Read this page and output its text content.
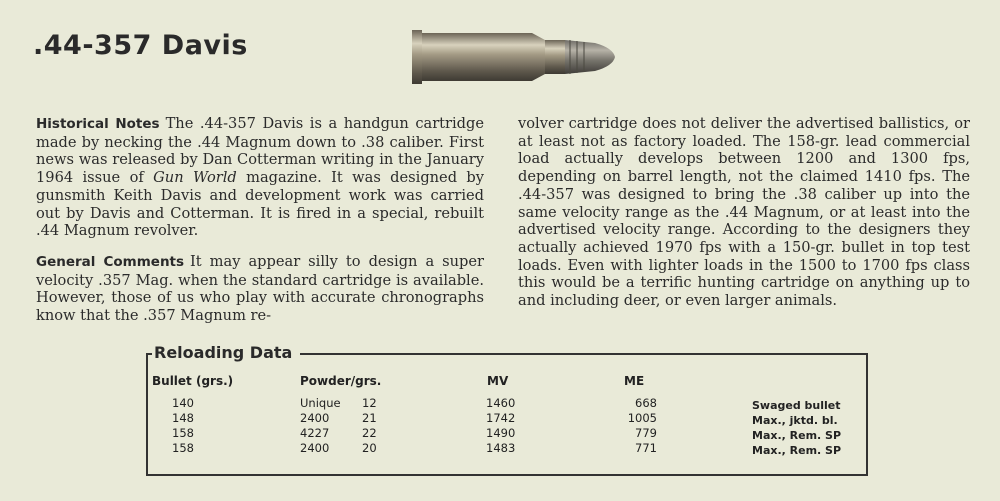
.44-357 Davis

Historical Notes The .44-357 Davis is a handgun cartridge made by necking the .44 Magnum down to .38 caliber. First news was released by Dan Cotterman writing in the January 1964 issue of Gun World magazine. It was designed by gunsmith Keith Davis and development work was carried out by Davis and Cotterman. It is fired in a special, rebuilt .44 Magnum revolver.

General Comments It may appear silly to design a super velocity .357 Mag. when the standard cartridge is available. However, those of us who play with accurate chronographs know that the .357 Magnum re-

volver cartridge does not deliver the advertised ballistics, or at least not as factory loaded. The 158-gr. lead commercial load actually develops between 1200 and 1300 fps, depending on barrel length, not the claimed 1410 fps. The .44-357 was designed to bring the .38 caliber up into the same velocity range as the .44 Magnum, or at least into the advertised velocity range. According to the designers they actually achieved 1970 fps with a 150-gr. bullet in top test loads. Even with lighter loads in the 1500 to 1700 fps class this would be a terrific hunting cartridge on anything up to and including deer, or even larger animals.

Reloading Data
Bullet (grs.)	Powder/grs.	MV	ME
140	Unique 12	1460	668	Swaged bullet
148	2400	21	1742	1005	Max., jktd. bl.
158	4227	22	1490	779	Max., Rem. SP
158	2400	20	1483	771	Max., Rem. SP
